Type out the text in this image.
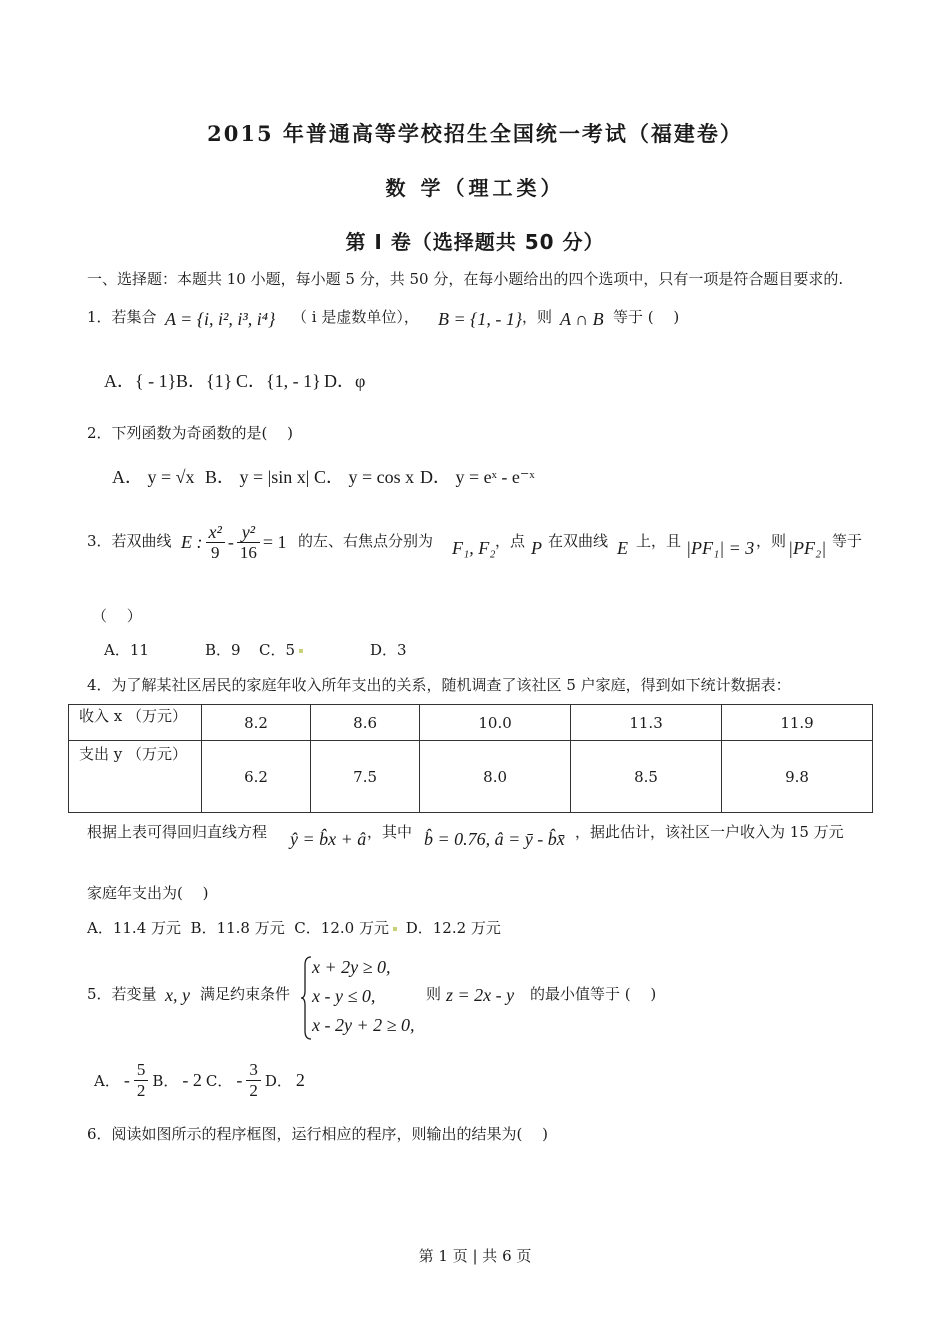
2015 年普通高等学校招生全国统一考试（福建卷）
数 学（理工类）
第 I 卷（选择题共 50 分）
一、选择题：本题共 10 小题，每小题 5 分，共 50 分，在每小题给出的四个选项中，只有一项是符合题目要求的.
1．若集合 A = {i, i², i³, i⁴} （ i 是虚数单位）， B = {1, - 1} ，则 A ∩ B 等于 (　 )
A．{ - 1} B．{1} C．{1, - 1} D．φ
2．下列函数为奇函数的是(　 )
A． y = √x B． y = |sin x| C． y = cos x D． y = eˣ - e⁻ˣ
3．若双曲线 E : $\frac{\text{x²}}{9} - \frac{\text{y²}}{16} = 1$ 的左、右焦点分别为 F₁, F₂ ，点 P 在双曲线 E 上，且 |PF₁| = 3 ，则 |PF₂| 等于
（　 ）
A．11	B．9 C．5	D．3
4．为了解某社区居民的家庭年收入所年支出的关系，随机调查了该社区 5 户家庭，得到如下统计数据表：
收入 x （万元）	8.2	8.6	10.0	11.3	11.9
支出 y （万元）	6.2	7.5	8.0	8.5	9.8
根据上表可得回归直线方程 ŷ = b̂x + â ，其中 b̂ = 0.76, â = ȳ - b̂x̄ ，据此估计，该社区一户收入为 15 万元
家庭年支出为(　 )
A．11.4 万元 B．11.8 万元 C．12.0 万元 D．12.2 万元
5．若变量 x, y 满足约束条件
x + 2y ≥ 0,
x - y ≤ 0,
x - 2y + 2 ≥ 0,
则 z = 2x - y 的最小值等于 (　 )
A． - $\frac{5}{2}$ B． - 2 C． - $\frac{3}{2}$ D． 2
6．阅读如图所示的程序框图，运行相应的程序，则输出的结果为(　 )
第 1 页 | 共 6 页
